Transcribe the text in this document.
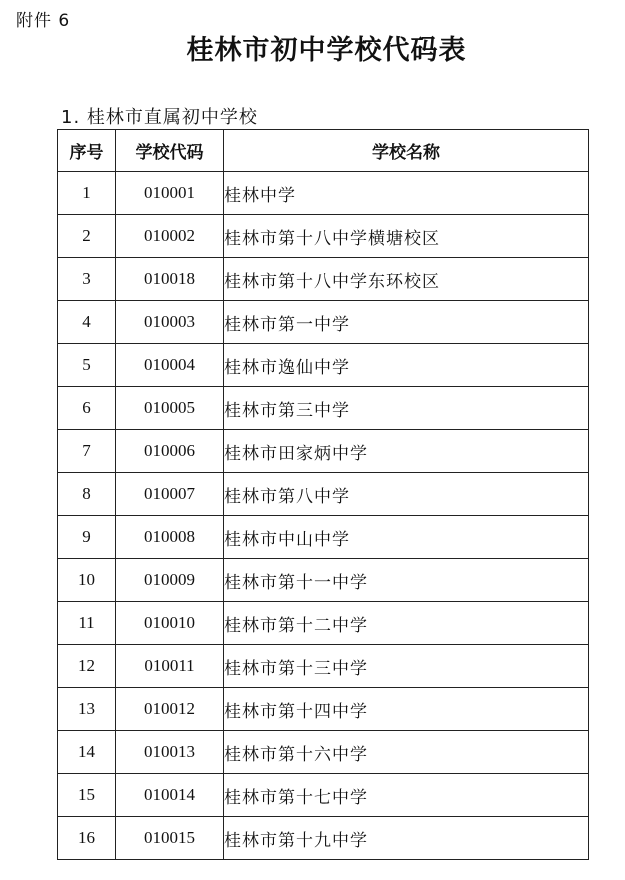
附件 6
桂林市初中学校代码表
1. 桂林市直属初中学校
序号	学校代码	学校名称
1	010001	桂林中学
2	010002	桂林市第十八中学横塘校区
3	010018	桂林市第十八中学东环校区
4	010003	桂林市第一中学
5	010004	桂林市逸仙中学
6	010005	桂林市第三中学
7	010006	桂林市田家炳中学
8	010007	桂林市第八中学
9	010008	桂林市中山中学
10	010009	桂林市第十一中学
11	010010	桂林市第十二中学
12	010011	桂林市第十三中学
13	010012	桂林市第十四中学
14	010013	桂林市第十六中学
15	010014	桂林市第十七中学
16	010015	桂林市第十九中学
